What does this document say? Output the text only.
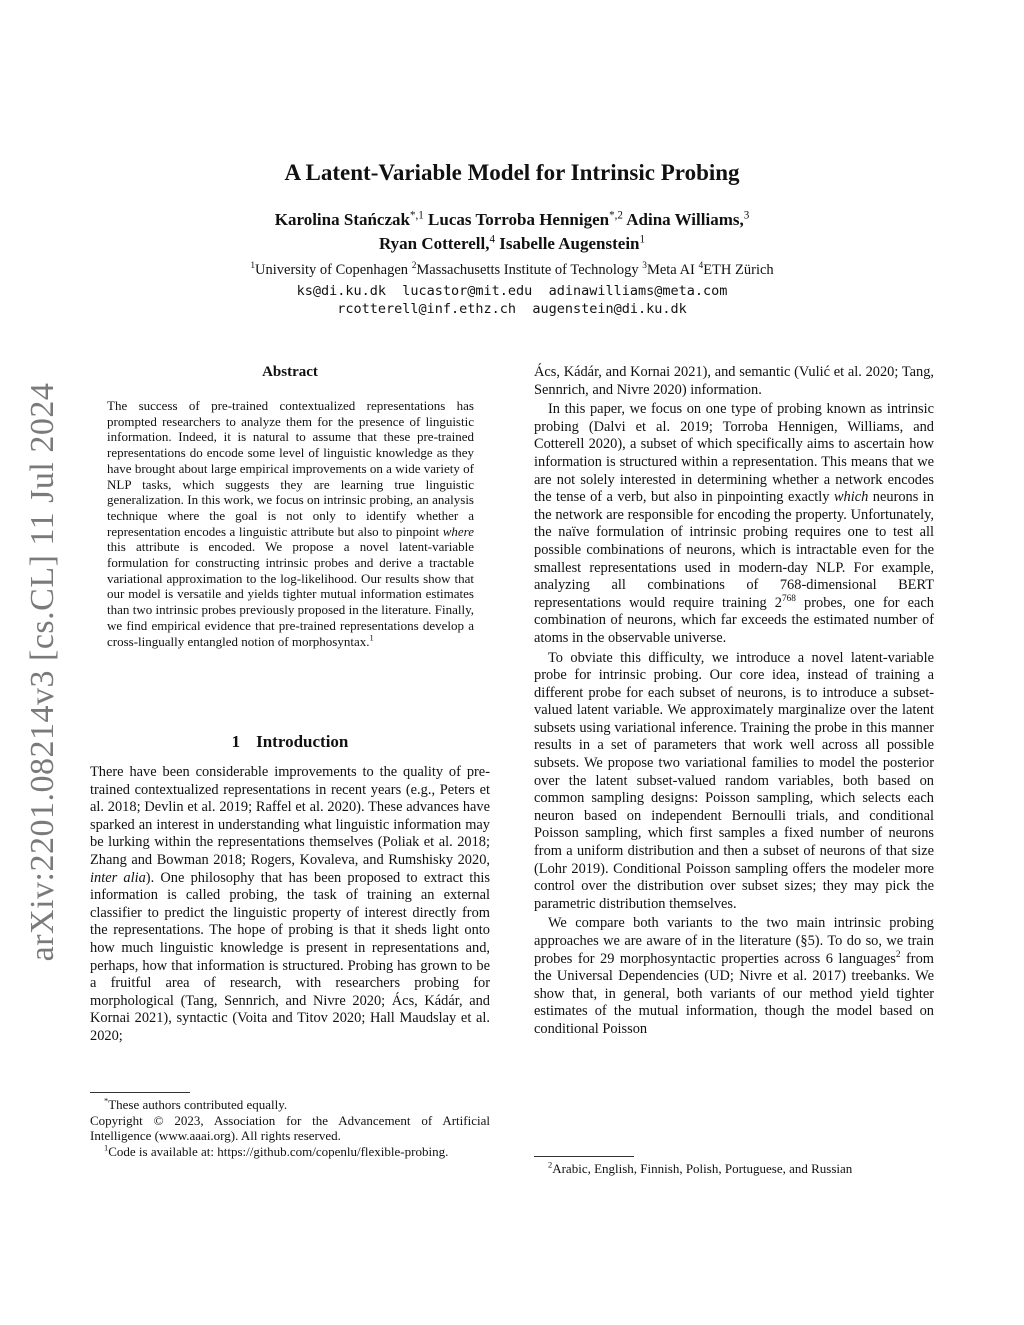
arXiv:2201.08214v3 [cs.CL] 11 Jul 2024
A Latent-Variable Model for Intrinsic Probing
Karolina Stańczak$^{*,1}$ Lucas Torroba Hennigen$^{*,2}$ Adina Williams,$^3$
Ryan Cotterell,$^4$ Isabelle Augenstein$^1$
$^1$University of Copenhagen $^2$Massachusetts Institute of Technology $^3$Meta AI $^4$ETH Zürich
ks@di.ku.dk  lucastor@mit.edu  adinawilliams@meta.com
rcotterell@inf.ethz.ch  augenstein@di.ku.dk
Abstract
The success of pre-trained contextualized representations has prompted researchers to analyze them for the presence of linguistic information. Indeed, it is natural to assume that these pre-trained representations do encode some level of linguistic knowledge as they have brought about large empirical improvements on a wide variety of NLP tasks, which suggests they are learning true linguistic generalization. In this work, we focus on intrinsic probing, an analysis technique where the goal is not only to identify whether a representation encodes a linguistic attribute but also to pinpoint where this attribute is encoded. We propose a novel latent-variable formulation for constructing intrinsic probes and derive a tractable variational approximation to the log-likelihood. Our results show that our model is versatile and yields tighter mutual information estimates than two intrinsic probes previously proposed in the literature. Finally, we find empirical evidence that pre-trained representations develop a cross-lingually entangled notion of morphosyntax.$^1$
1 Introduction

There have been considerable improvements to the quality of pre-trained contextualized representations in recent years (e.g., Peters et al. 2018; Devlin et al. 2019; Raffel et al. 2020). These advances have sparked an interest in understanding what linguistic information may be lurking within the representations themselves (Poliak et al. 2018; Zhang and Bowman 2018; Rogers, Kovaleva, and Rumshisky 2020, inter alia). One philosophy that has been proposed to extract this information is called probing, the task of training an external classifier to predict the linguistic property of interest directly from the representations. The hope of probing is that it sheds light onto how much linguistic knowledge is present in representations and, perhaps, how that information is structured. Probing has grown to be a fruitful area of research, with researchers probing for morphological (Tang, Sennrich, and Nivre 2020; Ács, Kádár, and Kornai 2021), syntactic (Voita and Titov 2020; Hall Maudslay et al. 2020;

Ács, Kádár, and Kornai 2021), and semantic (Vulić et al. 2020; Tang, Sennrich, and Nivre 2020) information.

In this paper, we focus on one type of probing known as intrinsic probing (Dalvi et al. 2019; Torroba Hennigen, Williams, and Cotterell 2020), a subset of which specifically aims to ascertain how information is structured within a representation. This means that we are not solely interested in determining whether a network encodes the tense of a verb, but also in pinpointing exactly which neurons in the network are responsible for encoding the property. Unfortunately, the naïve formulation of intrinsic probing requires one to test all possible combinations of neurons, which is intractable even for the smallest representations used in modern-day NLP. For example, analyzing all combinations of 768-dimensional BERT representations would require training $2^{768}$ probes, one for each combination of neurons, which far exceeds the estimated number of atoms in the observable universe.

To obviate this difficulty, we introduce a novel latent-variable probe for intrinsic probing. Our core idea, instead of training a different probe for each subset of neurons, is to introduce a subset-valued latent variable. We approximately marginalize over the latent subsets using variational inference. Training the probe in this manner results in a set of parameters that work well across all possible subsets. We propose two variational families to model the posterior over the latent subset-valued random variables, both based on common sampling designs: Poisson sampling, which selects each neuron based on independent Bernoulli trials, and conditional Poisson sampling, which first samples a fixed number of neurons from a uniform distribution and then a subset of neurons of that size (Lohr 2019). Conditional Poisson sampling offers the modeler more control over the distribution over subset sizes; they may pick the parametric distribution themselves.

We compare both variants to the two main intrinsic probing approaches we are aware of in the literature (§5). To do so, we train probes for 29 morphosyntactic properties across 6 languages$^2$ from the Universal Dependencies (UD; Nivre et al. 2017) treebanks. We show that, in general, both variants of our method yield tighter estimates of the mutual information, though the model based on conditional Poisson

*These authors contributed equally.

Copyright © 2023, Association for the Advancement of Artificial Intelligence (www.aaai.org). All rights reserved.

$^1$Code is available at: https://github.com/copenlu/flexible-probing.

$^2$Arabic, English, Finnish, Polish, Portuguese, and Russian
